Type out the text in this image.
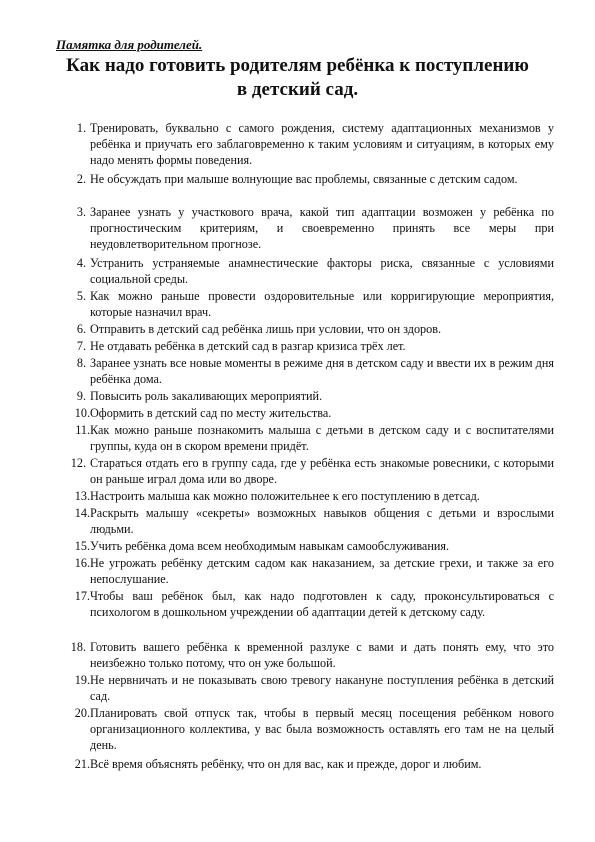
Памятка для родителей.
Как надо готовить родителям ребёнка к поступлению в детский сад.

1. Тренировать, буквально с самого рождения, систему адаптационных механизмов у ребёнка и приучать его заблаговременно к таким условиям и ситуациям, в которых ему надо менять формы поведения.

2. Не обсуждать при малыше волнующие вас проблемы, связанные с детским садом.

3. Заранее узнать у участкового врача, какой тип адаптации возможен у ребёнка по прогностическим критериям, и своевременно принять все меры при неудовлетворительном прогнозе.

4. Устранить устраняемые анамнестические факторы риска, связанные с условиями социальной среды.

5. Как можно раньше провести оздоровительные или корригирующие мероприятия, которые назначил врач.

6. Отправить в детский сад ребёнка лишь при условии, что он здоров.

7. Не отдавать ребёнка в детский сад в разгар кризиса трёх лет.

8. Заранее узнать все новые моменты в режиме дня в детском саду и ввести их в режим дня ребёнка дома.

9. Повысить роль закаливающих мероприятий.

10. Оформить в детский сад по месту жительства.

11. Как можно раньше познакомить малыша с детьми в детском саду и с воспитателями группы, куда он в скором времени придёт.

12. Стараться отдать его в группу сада, где у ребёнка есть знакомые ровесники, с которыми он раньше играл дома или во дворе.

13. Настроить малыша как можно положительнее к его поступлению в детсад.

14. Раскрыть малышу «секреты» возможных навыков общения с детьми и взрослыми людьми.

15. Учить ребёнка дома всем необходимым навыкам самообслуживания.

16. Не угрожать ребёнку детским садом как наказанием, за детские грехи, и также за его непослушание.

17. Чтобы ваш ребёнок был, как надо подготовлен к саду, проконсультироваться с психологом в дошкольном учреждении об адаптации детей к детскому саду.

18. Готовить вашего ребёнка к временной разлуке с вами и дать понять ему, что это неизбежно только потому, что он уже большой.

19. Не нервничать и не показывать свою тревогу накануне поступления ребёнка в детский сад.

20. Планировать свой отпуск так, чтобы в первый месяц посещения ребёнком нового организационного коллектива, у вас была возможность оставлять его там не на целый день.

21. Всё время объяснять ребёнку, что он для вас, как и прежде, дорог и любим.
